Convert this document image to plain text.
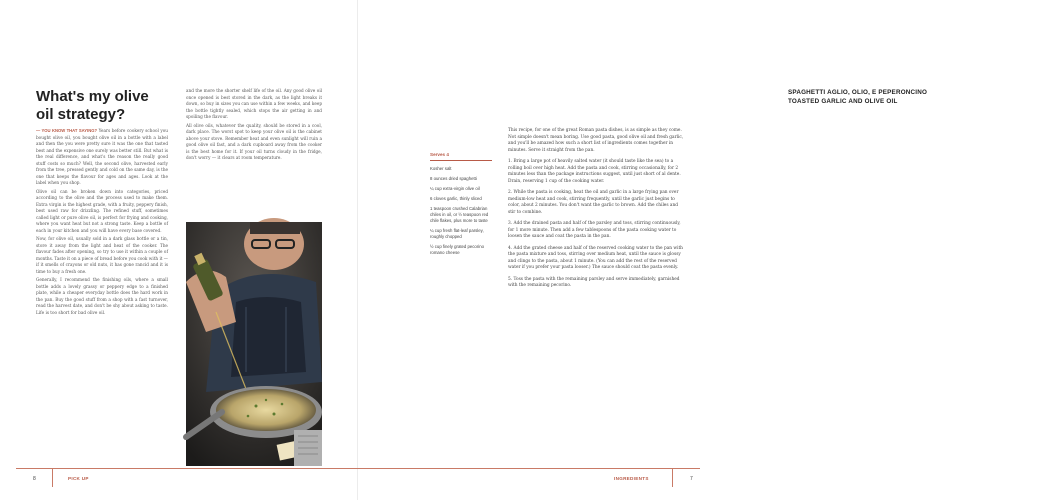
What's my olive oil strategy?

— YOU KNOW THAT SAYING? Years before cookery school you bought olive oil, you bought olive oil in a bottle with a label and then the you were pretty sure it was the one that tasted best and the expensive one surely was better still. But what is the real difference, and what's the reason the really good stuff costs so much? Well, the second olive, harvested early from the tree, pressed gently and cold on the same day, is the one that keeps the flavour for ages and ages. Look at the label when you shop.

Olive oil can be broken down into categories, priced according to the olive and the process used to make them. Extra virgin is the highest grade, with a fruity, peppery finish, best used raw for drizzling. The refined stuff, sometimes called light or pure olive oil, is perfect for frying and cooking, where you want heat but not a strong taste. Keep a bottle of each in your kitchen and you will have every base covered.

Now, for olive oil, usually sold in a dark glass bottle or a tin, store it away from the light and heat of the cooker. The flavour fades after opening, so try to use it within a couple of months. Taste it on a piece of bread before you cook with it — if it smells of crayons or old nuts, it has gone rancid and it is time to buy a fresh one.

Generally, I recommend the finishing oils, where a small bottle adds a lovely grassy or peppery edge to a finished plate, while a cheaper everyday bottle does the hard work in the pan. Buy the good stuff from a shop with a fast turnover, read the harvest date, and don't be shy about asking to taste. Life is too short for bad olive oil.

and the more the shorter shelf life of the oil. Any good olive oil once opened is best stored in the dark, as the light breaks it down, so buy in sizes you can use within a few weeks, and keep the bottle tightly sealed, which stops the air getting in and spoiling the flavour.

All olive oils, whatever the quality, should be stored in a cool, dark place. The worst spot to keep your olive oil is the cabinet above your stove. Remember heat and even sunlight will ruin a good olive oil fast, and a dark cupboard away from the cooker is the best home for it. If your oil turns cloudy in the fridge, don't worry — it clears at room temperature.

SPAGHETTI AGLIO, OLIO, E PEPERONCINO
TOASTED GARLIC AND OLIVE OIL
Serves 4
Kosher salt
8 ounces dried spaghetti
¼ cup extra-virgin olive oil
6 cloves garlic, thinly sliced
1 teaspoon crushed Calabrian chiles in oil, or ½ teaspoon red chile flakes, plus more to taste
¼ cup fresh flat-leaf parsley, roughly chopped
½ cup finely grated pecorino romano cheese

This recipe, for one of the great Roman pasta dishes, is as simple as they come. Not simple doesn't mean boring. Use good pasta, good olive oil and fresh garlic, and you'll be amazed how such a short list of ingredients comes together in minutes. Serve it straight from the pan.

1. Bring a large pot of heavily salted water (it should taste like the sea) to a rolling boil over high heat. Add the pasta and cook, stirring occasionally, for 2 minutes less than the package instructions suggest, until just short of al dente. Drain, reserving 1 cup of the cooking water.

2. While the pasta is cooking, heat the oil and garlic in a large frying pan over medium-low heat and cook, stirring frequently, until the garlic just begins to color, about 2 minutes. You don't want the garlic to brown. Add the chiles and stir to combine.

3. Add the drained pasta and half of the parsley and toss, stirring continuously, for 1 more minute. Then add a few tablespoons of the pasta cooking water to loosen the sauce and coat the pasta in the pan.

4. Add the grated cheese and half of the reserved cooking water to the pan with the pasta mixture and toss, stirring over medium heat, until the sauce is glossy and clings to the pasta, about 1 minute. (You can add the rest of the reserved water if you prefer your pasta looser.) The sauce should coat the pasta evenly.

5. Toss the pasta with the remaining parsley and serve immediately, garnished with the remaining pecorino.

8	PICK UP	INGREDIENTS	7
